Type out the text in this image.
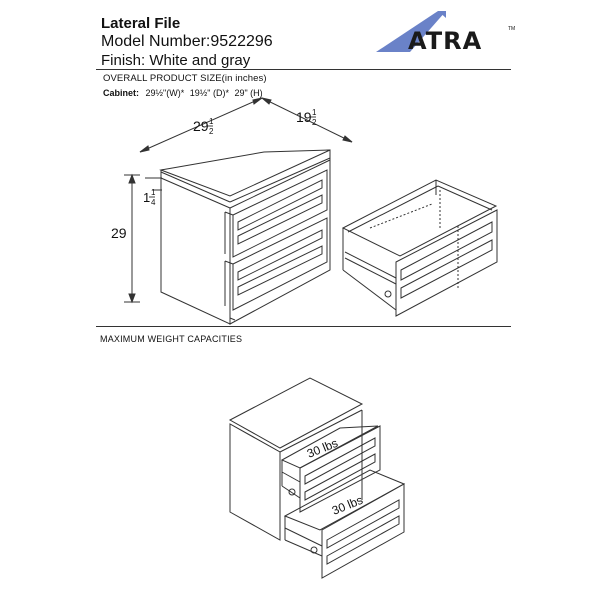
Lateral File
Model Number:9522296
Finish: White and gray
ATRA	TM
OVERALL PRODUCT SIZE(in inches)
Cabinet: 29½"(W)* 19½" (D)* 29" (H)
MAXIMUM WEIGHT CAPACITIES
29 1
2
19 1
2
1 1
4
29
30 lbs
30 lbs
